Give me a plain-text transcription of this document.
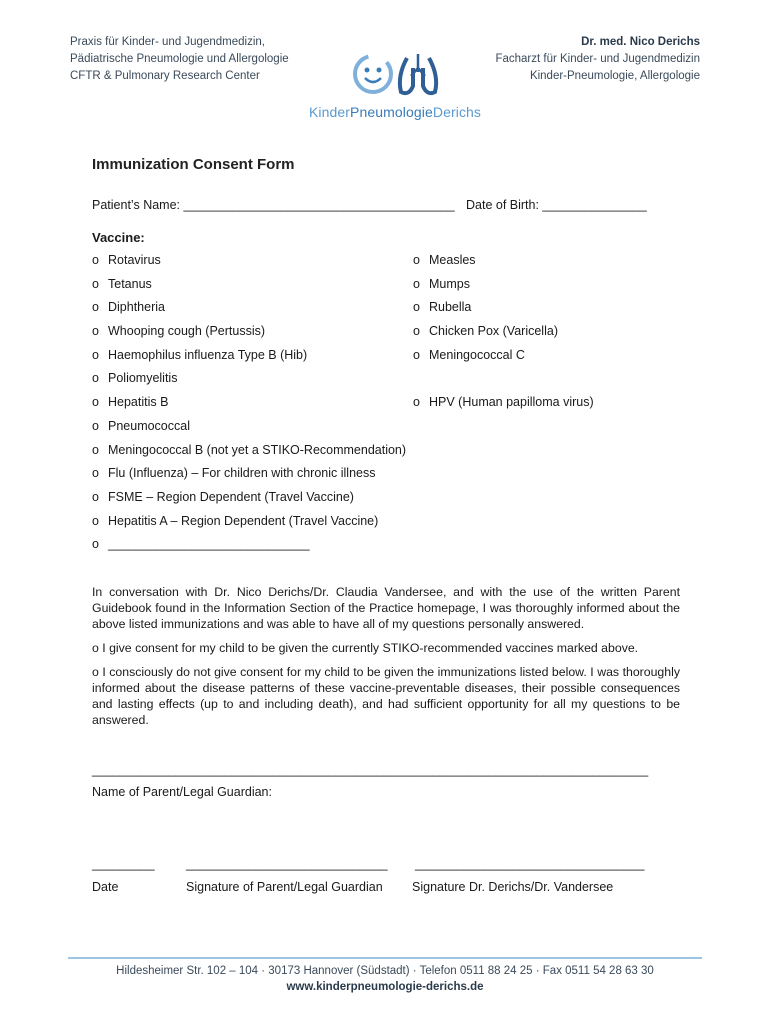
Praxis für Kinder- und Jugendmedizin,
Pädiatrische Pneumologie und Allergologie
CFTR & Pulmonary Research Center
KinderPneumologieDerichs
Dr. med. Nico Derichs
Facharzt für Kinder- und Jugendmedizin
Kinder-Pneumologie, Allergologie
Immunization Consent Form
Patient’s Name: _______________________________________ Date of Birth: _______________
Vaccine:
o Rotavirus
o Tetanus
o Diphtheria
o Whooping cough (Pertussis)
o Haemophilus influenza Type B (Hib)
o Poliomyelitis
o Hepatitis B
o Pneumococcal
o Meningococcal B (not yet a STIKO-Recommendation)
o Flu (Influenza) – For children with chronic illness
o FSME – Region Dependent (Travel Vaccine)
o Hepatitis A – Region Dependent (Travel Vaccine)
o _____________________________
o Measles
o Mumps
o Rubella
o Chicken Pox (Varicella)
o Meningococcal C
o HPV (Human papilloma virus)
In conversation with Dr. Nico Derichs/Dr. Claudia Vandersee, and with the use of the written Parent Guidebook found in the Information Section of the Practice homepage, I was thoroughly informed about the above listed immunizations and was able to have all of my questions personally answered.
o I give consent for my child to be given the currently STIKO-recommended vaccines marked above.
o I consciously do not give consent for my child to be given the immunizations listed below. I was thoroughly informed about the disease patterns of these vaccine-preventable diseases, their possible consequences and lasting effects (up to and including death), and had sufficient opportunity for all my questions to be answered.
________________________________________________________________________________
Name of Parent/Legal Guardian:
_________	_____________________________ _________________________________
Date	Signature of Parent/Legal Guardian Signature Dr. Derichs/Dr. Vandersee
Hildesheimer Str. 102 – 104 · 30173 Hannover (Südstadt) · Telefon 0511 88 24 25 · Fax 0511 54 28 63 30
www.kinderpneumologie-derichs.de
